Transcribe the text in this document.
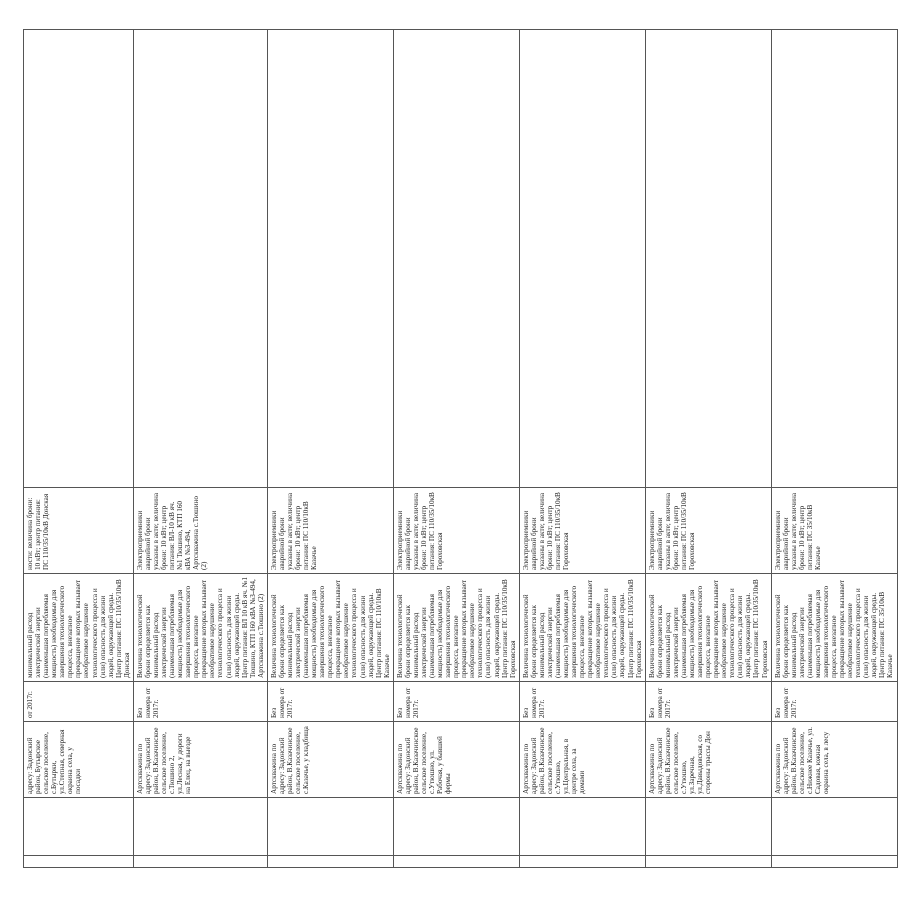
		адресу: Задонский район, Бутырское сельское поселение, с.Бутырки, ул.Степная, северная окраина села, у посадки	от 2017г.	минимальный расход электрической энергии (наименьшая потребляемая мощность) необходимые для завершения технологического процесса, внезапное прекращение которых вызывает необратимое нарушение технологического процесса и (или) опасность для жизни людей, окружающей среды. Центр питания: ПС 110/35/10кВ Донская	ности: величина брони: 10 кВт; центр питания: ПС 110/35/10кВ Донская	
		Артскважина по адресу: Задонский район, В.Казачинское сельское поселение, с.Тюшино 2, ул.Лесная, у дороги на Елец, на выезде	Без номера от 2017г.	Величина технологической брони определяется как минимальный расход электрической энергии (наименьшая потребляемая мощность) необходимые для завершения технологического процесса, внезапное прекращение которых вызывает необратимое нарушение технологического процесса и (или) опасность для жизни людей, окружающей среды. Центр питания: ВЛ 10 кВ яч. №1 Тюшино, КТП 160 кВА №3-494, Артскважина с.Тюшино (2)	Электроприемники аварийной брони указаны в акте; величина брони: 10 кВт; центр питания: ВЛ-10 кВ яч. №1 Тюшино, КТП 160 кВА №3-494, Артскважина с.Тюшино (2)	
		Артскважина по адресу: Задонский район, В.Казачинское сельское поселение, с.Казачье, у кладбища	Без номера от 2017г.	Величина технологической брони определяется как минимальный расход электрической энергии (наименьшая потребляемая мощность) необходимые для завершения технологического процесса, внезапное прекращение которых вызывает необратимое нарушение технологического процесса и (или) опасность для жизни людей, окружающей среды. Центр питания: ПС 110/10кВ Казачье	Электроприемники аварийной брони указаны в акте; величина брони: 10 кВт; центр питания: ПС 110/10кВ Казачье	
		Артскважина по адресу: Задонский район, В.Казачинское сельское поселение, с.Утюшно, ул. Рабочая, у бывшей фермы	Без номера от 2017г.	Величина технологической брони определяется как минимальный расход электрической энергии (наименьшая потребляемая мощность) необходимые для завершения технологического процесса, внезапное прекращение которых вызывает необратимое нарушение технологического процесса и (или) опасность для жизни людей, окружающей среды. Центр питания: ПС 110/35/10кВ Гороховская	Электроприемники аварийной брони указаны в акте; величина брони: 10 кВт; центр питания: ПС 110/35/10кВ Гороховская	
		Артскважина по адресу: Задонский район, В.Казачинское сельское поселение, с.Утюшно, ул.Центральная, в центре села, за домами	Без номера от 2017г.	Величина технологической брони определяется как минимальный расход электрической энергии (наименьшая потребляемая мощность) необходимые для завершения технологического процесса, внезапное прекращение которых вызывает необратимое нарушение технологического процесса и (или) опасность для жизни людей, окружающей среды. Центр питания: ПС 110/35/10кВ Гороховская	Электроприемники аварийной брони указаны в акте; величина брони: 10 кВт; центр питания: ПС 110/35/10кВ Гороховская	
		Артскважина по адресу: Задонский район, В.Казачинское сельское поселение, с.Утюшно, ул.Заречная, ул.Давыдовская, со стороны трассы Дон	Без номера от 2017г.	Величина технологической брони определяется как минимальный расход электрической энергии (наименьшая потребляемая мощность) необходимые для завершения технологического процесса, внезапное прекращение которых вызывает необратимое нарушение технологического процесса и (или) опасность для жизни людей, окружающей среды. Центр питания: ПС 110/35/10кВ Гороховская	Электроприемники аварийной брони указаны в акте; величина брони: 10 кВт; центр питания: ПС 110/35/10кВ Гороховская	
		Артскважина по адресу: Задонский район, В.Казачинское сельское поселение, с.Нижнее Казачье, ул. Садовая, южная окраина села, в лесу	Без номера от 2017г.	Величина технологической брони определяется как минимальный расход электрической энергии (наименьшая потребляемая мощность) необходимые для завершения технологического процесса, внезапное прекращение которых вызывает необратимое нарушение технологического процесса и (или) опасность для жизни людей, окружающей среды. Центр питания: ПС 35/10кВ Казачье	Электроприемники аварийной брони указаны в акте; величина брони: 10 кВт; центр питания: ПС 35/10кВ Казачье	
